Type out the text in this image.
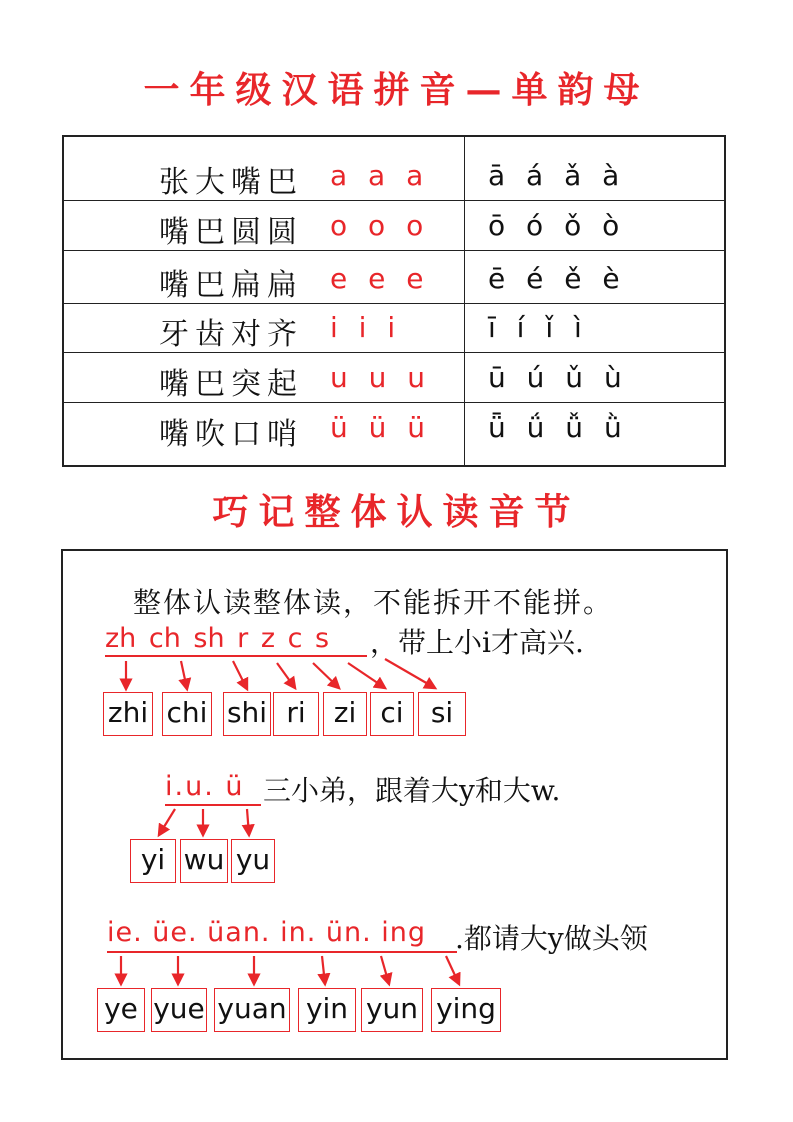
一年级汉语拼音—单韵母
张大嘴巴 a a a ā á ǎ à
嘴巴圆圆 o o o ō ó ǒ ò
嘴巴扁扁 e e e ē é ě è
牙齿对齐 i i i	ī í ǐ ì
嘴巴突起 u u u ū ú ǔ ù
嘴吹口哨 ü ü ü ǖ ǘ ǚ ǜ
巧记整体认读音节
整体认读整体读，不能拆开不能拼。
zh ch sh r z c s ，带上小i才高兴.
zhi chi shi ri	zi ci si
i.u. ü 三小弟，跟着大y和大w.
yi wu yu
ie. üe. üan. in. ün. ing .都请大y做头领
ye yue yuan yin yun ying
